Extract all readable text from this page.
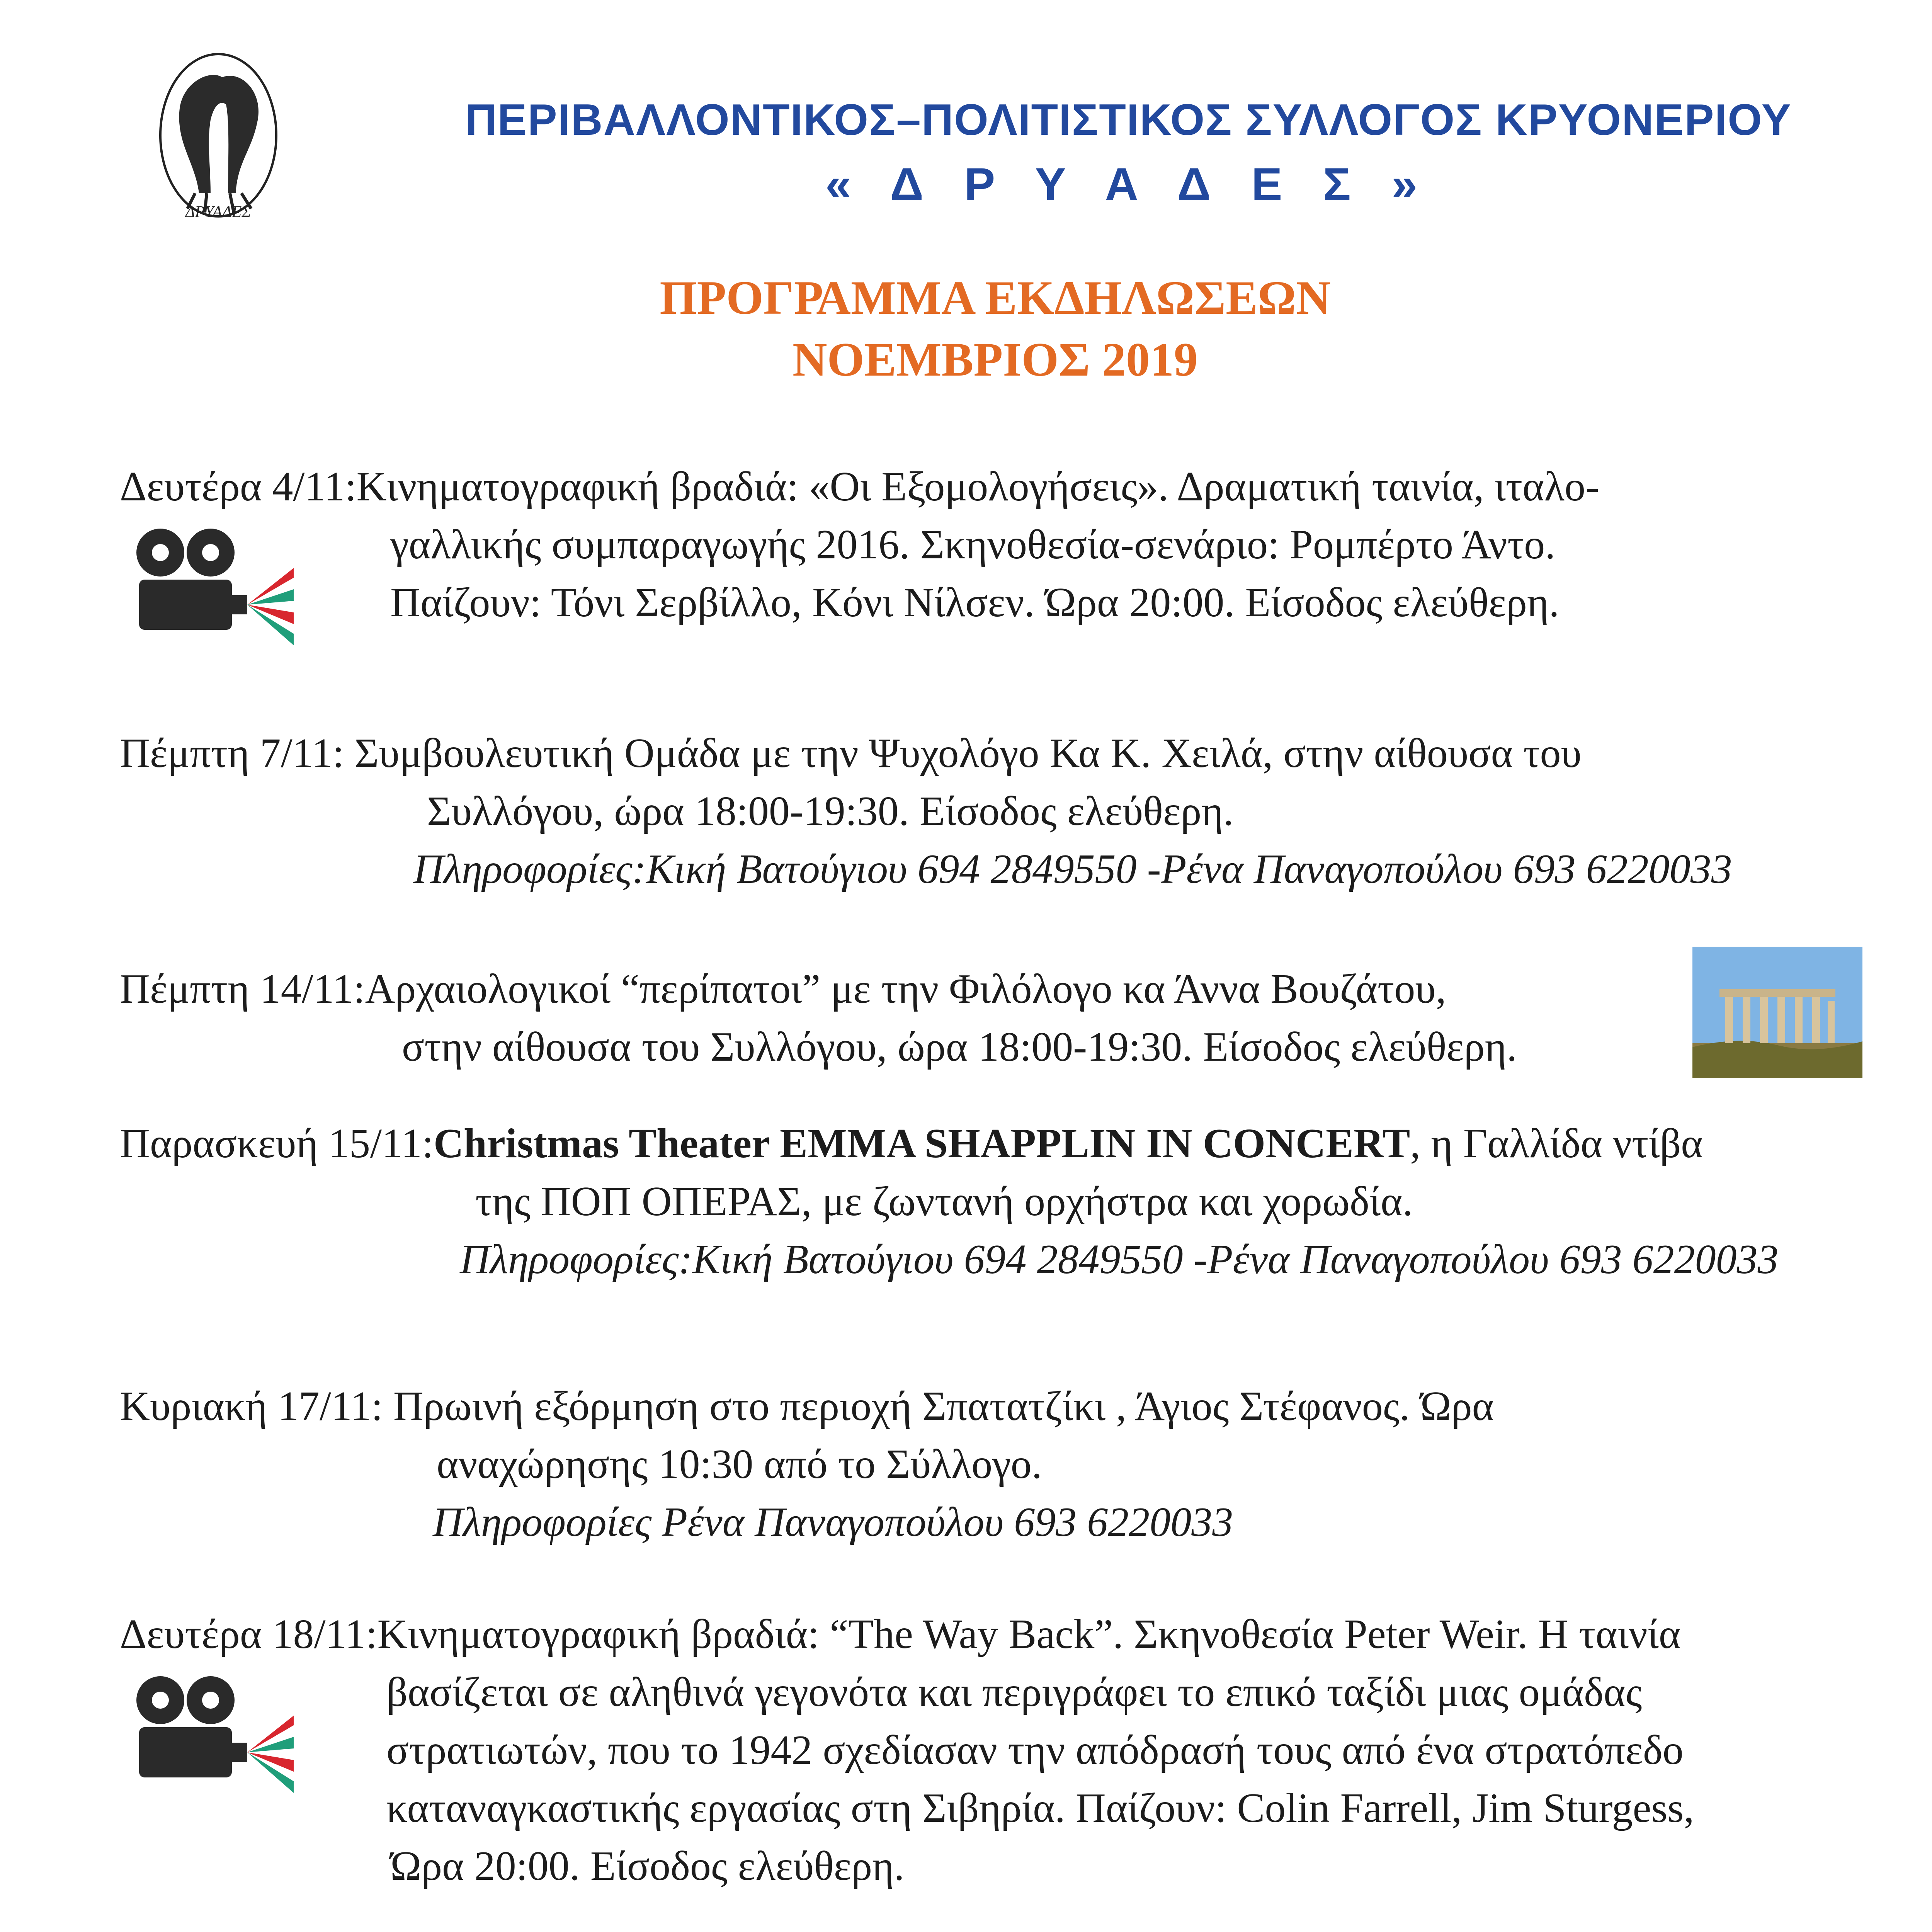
ΔΡΥΑΔΕΣ
ΠΕΡΙΒΑΛΛΟΝΤΙΚΟΣ–ΠΟΛΙΤΙΣΤΙΚΟΣ ΣΥΛΛΟΓΟΣ ΚΡΥΟΝΕΡΙΟΥ
« Δ Ρ Υ Α Δ Ε Σ »
ΠΡΟΓΡΑΜΜΑ ΕΚΔΗΛΩΣΕΩΝ
ΝΟΕΜΒΡΙΟΣ 2019
Δευτέρα 4/11:Κινηματογραφική βραδιά: «Οι Εξομολογήσεις». Δραματική ταινία, ιταλο-
γαλλικής συμπαραγωγής 2016. Σκηνοθεσία-σενάριο: Ρομπέρτο Άντο.
Παίζουν: Τόνι Σερβίλλο, Κόνι Νίλσεν. Ώρα 20:00. Είσοδος ελεύθερη.
Πέμπτη 7/11: Συμβουλευτική Ομάδα με την Ψυχολόγο Κα Κ. Χειλά, στην αίθουσα του
Συλλόγου, ώρα 18:00-19:30. Είσοδος ελεύθερη.
Πληροφορίες:Κική Βατούγιου 694 2849550 -Ρένα Παναγοπούλου 693 6220033
Πέμπτη 14/11:Αρχαιολογικοί “περίπατοι” με την Φιλόλογο κα Άννα Βουζάτου,
στην αίθουσα του Συλλόγου, ώρα 18:00-19:30. Είσοδος ελεύθερη.
Παρασκευή 15/11:Christmas Theater EMMA SHAPPLIN IN CONCERT, η Γαλλίδα ντίβα
της ΠΟΠ ΟΠΕΡΑΣ, με ζωντανή ορχήστρα και χορωδία.
Πληροφορίες:Κική Βατούγιου 694 2849550 -Ρένα Παναγοπούλου 693 6220033
Κυριακή 17/11: Πρωινή εξόρμηση στο περιοχή Σπατατζίκι , Άγιος Στέφανος. Ώρα
αναχώρησης 10:30 από το Σύλλογο.
Πληροφορίες Ρένα Παναγοπούλου 693 6220033
Δευτέρα 18/11:Κινηματογραφική βραδιά: “The Way Back”. Σκηνοθεσία Peter Weir. Η ταινία
βασίζεται σε αληθινά γεγονότα και περιγράφει το επικό ταξίδι μιας ομάδας
στρατιωτών, που το 1942 σχεδίασαν την απόδρασή τους από ένα στρατόπεδο
καταναγκαστικής εργασίας στη Σιβηρία. Παίζουν: Colin Farrell, Jim Sturgess,
Ώρα 20:00. Είσοδος ελεύθερη.
